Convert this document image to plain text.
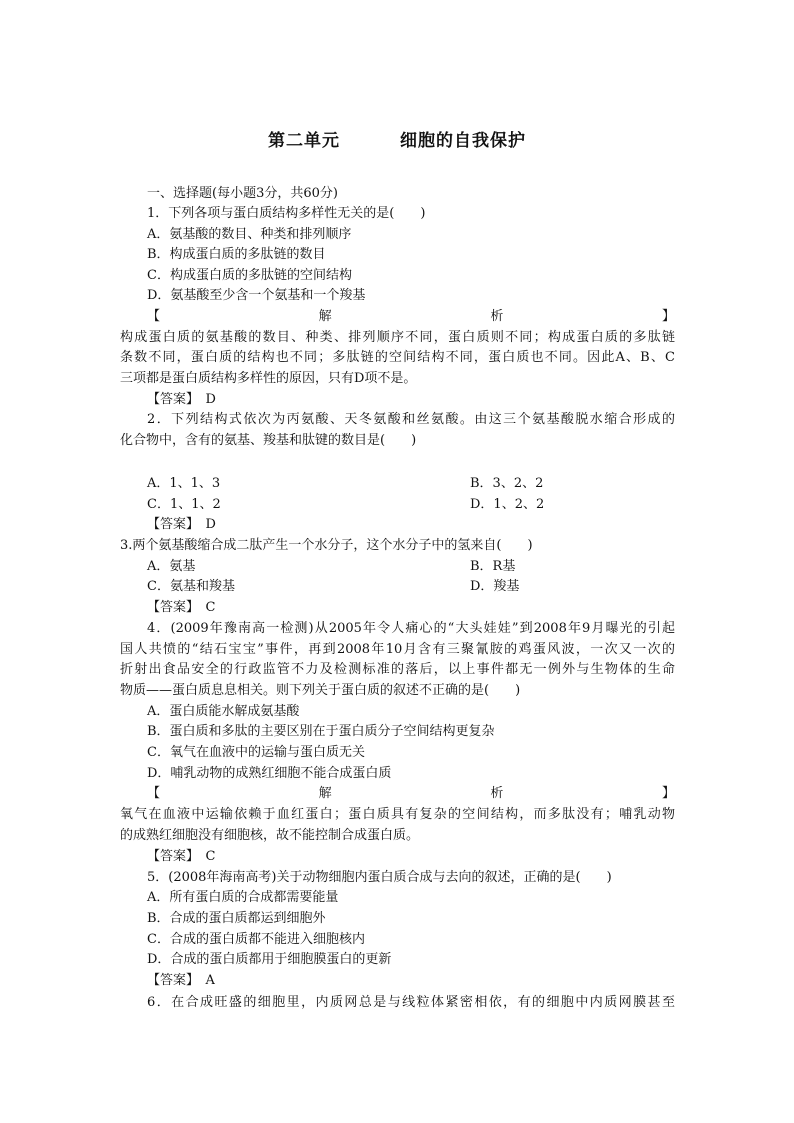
第二单元	细胞的自我保护
一、选择题(每小题3分，共60分)
1．下列各项与蛋白质结构多样性无关的是(　　)
A．氨基酸的数目、种类和排列顺序
B．构成蛋白质的多肽链的数目
C．构成蛋白质的多肽链的空间结构
D．氨基酸至少含一个氨基和一个羧基
【	解	析	】
构成蛋白质的氨基酸的数目、种类、排列顺序不同，蛋白质则不同；构成蛋白质的多肽链
条数不同，蛋白质的结构也不同；多肽链的空间结构不同，蛋白质也不同。因此A、B、C
三项都是蛋白质结构多样性的原因，只有D项不是。
【答案】　D
2．下列结构式依次为丙氨酸、天冬氨酸和丝氨酸。由这三个氨基酸脱水缩合形成的
化合物中，含有的氨基、羧基和肽键的数目是(　　)
A．1、1、3	B．3、2、2
C．1、1、2	D．1、2、2
【答案】　D
3.两个氨基酸缩合成二肽产生一个水分子，这个水分子中的氢来自(　　)
A．氨基	B．R基
C．氨基和羧基	D．羧基
【答案】　C
4．(2009年豫南高一检测)从2005年令人痛心的“大头娃娃”到2008年9月曝光的引起
国人共愤的“结石宝宝”事件，再到2008年10月含有三聚氰胺的鸡蛋风波，一次又一次的
折射出食品安全的行政监管不力及检测标准的落后，以上事件都无一例外与生物体的生命
物质——蛋白质息息相关。则下列关于蛋白质的叙述不正确的是(　　)
A．蛋白质能水解成氨基酸
B．蛋白质和多肽的主要区别在于蛋白质分子空间结构更复杂
C．氧气在血液中的运输与蛋白质无关
D．哺乳动物的成熟红细胞不能合成蛋白质
【	解	析	】
氧气在血液中运输依赖于血红蛋白；蛋白质具有复杂的空间结构，而多肽没有；哺乳动物
的成熟红细胞没有细胞核，故不能控制合成蛋白质。
【答案】　C
5．(2008年海南高考)关于动物细胞内蛋白质合成与去向的叙述，正确的是(　　)
A．所有蛋白质的合成都需要能量
B．合成的蛋白质都运到细胞外
C．合成的蛋白质都不能进入细胞核内
D．合成的蛋白质都用于细胞膜蛋白的更新
【答案】　A
6．在合成旺盛的细胞里，内质网总是与线粒体紧密相依，有的细胞中内质网膜甚至
